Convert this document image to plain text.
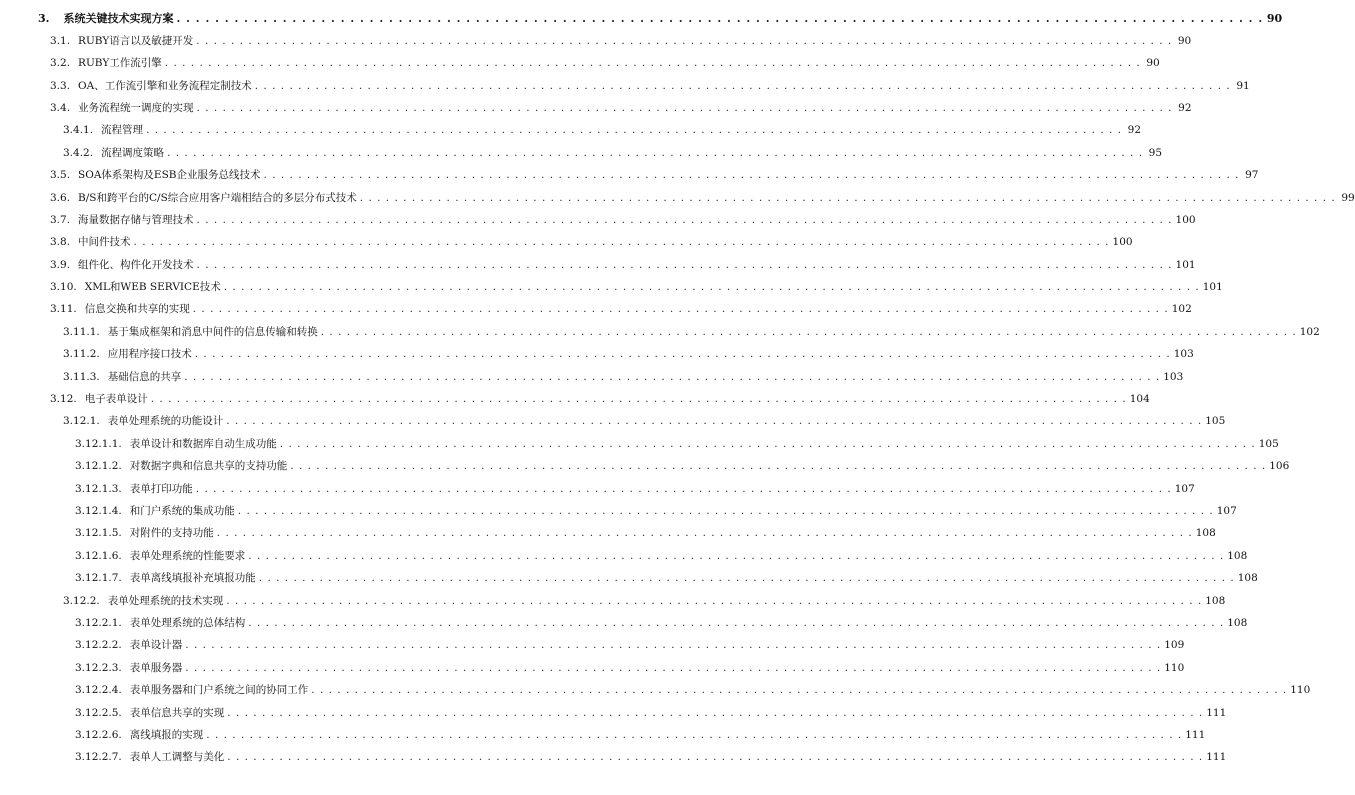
3. 系统关键技术实现方案 . . .	90
3.1. RUBY语言以及敏捷开发 . . .	90
3.2. RUBY工作流引擎 . . .	90
3.3. OA、工作流引擎和业务流程定制技术 . . .	91
3.4. 业务流程统一调度的实现 . . .	92
3.4.1. 流程管理 . . .	92
3.4.2. 流程调度策略 . . .	95
3.5. SOA体系架构及ESB企业服务总线技术 . . .	97
3.6. B/S和跨平台的C/S综合应用客户端相结合的多层分布式技术 . . .	99
3.7. 海量数据存储与管理技术 . . .	100
3.8. 中间件技术 . . .	100
3.9. 组件化、构件化开发技术 . . .	101
3.10. XML和WEB SERVICE技术 . . .	101
3.11. 信息交换和共享的实现 . . .	102
3.11.1. 基于集成框架和消息中间件的信息传输和转换 . . .	102
3.11.2. 应用程序接口技术 . . .	103
3.11.3. 基础信息的共享 . . .	103
3.12. 电子表单设计 . . .	104
3.12.1. 表单处理系统的功能设计 . . .	105
3.12.1.1. 表单设计和数据库自动生成功能 . . .	105
3.12.1.2. 对数据字典和信息共享的支持功能 . . .	106
3.12.1.3. 表单打印功能 . . .	107
3.12.1.4. 和门户系统的集成功能 . . .	107
3.12.1.5. 对附件的支持功能 . . .	108
3.12.1.6. 表单处理系统的性能要求 . . .	108
3.12.1.7. 表单离线填报补充填报功能 . . .	108
3.12.2. 表单处理系统的技术实现 . . .	108
3.12.2.1. 表单处理系统的总体结构 . . .	108
3.12.2.2. 表单设计器 . . .	109
3.12.2.3. 表单服务器 . . .	110
3.12.2.4. 表单服务器和门户系统之间的协同工作 . . .	110
3.12.2.5. 表单信息共享的实现 . . .	111
3.12.2.6. 离线填报的实现 . . .	111
3.12.2.7. 表单人工调整与美化 . . .	111
